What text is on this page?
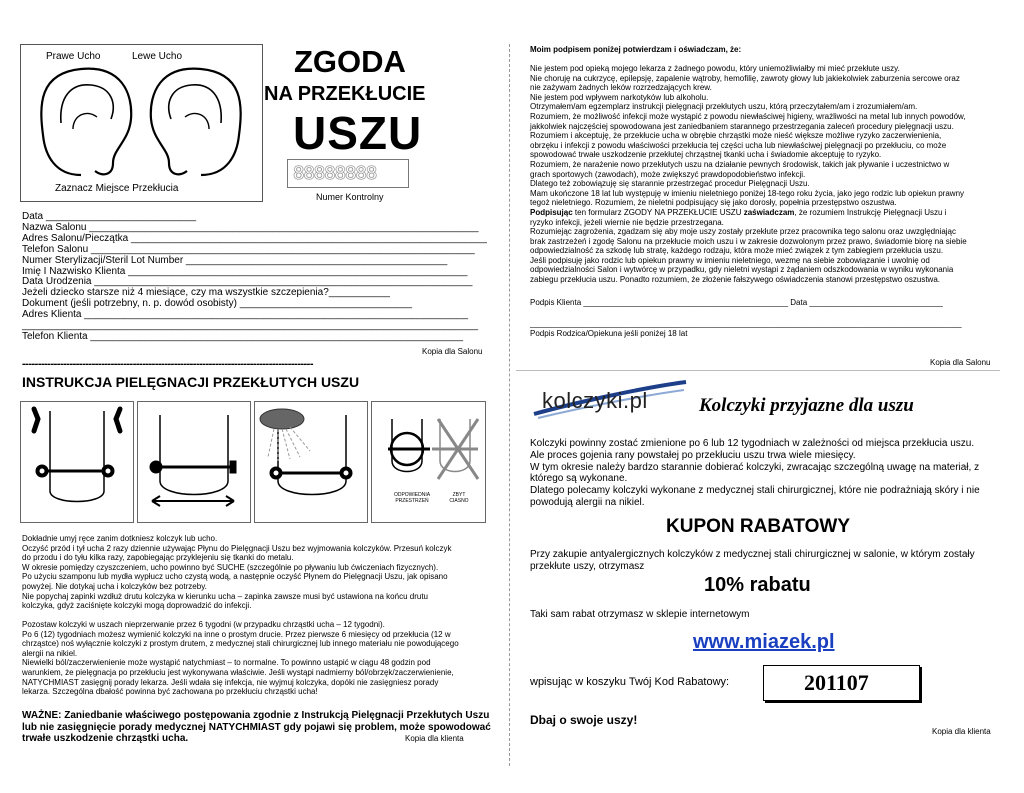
Prawe Ucho	Lewe Ucho
Zaznacz Miejsce Przekłucia
ZGODA
NA PRZEKŁUCIE
USZU
88888888
Numer Kontrolny
Data ___________________________
Nazwa Salonu ______________________________________________________________________
Adres Salonu/Pieczątka ________________________________________________________________
Telefon Salonu _____________________________________________________________________
Numer Sterylizacji/Steril Lot Number _______________________________________________
Imię I Nazwisko Klienta _____________________________________________________________
Data Urodzenia ____________________________________________________________________
Jeżeli dziecko starsze niż 4 miesiące, czy ma wszystkie szczepienia?___________
Dokument (jeśli potrzebny, n. p. dowód osobisty) _______________________________
Adres Klienta _____________________________________________________________________
__________________________________________________________________________________
Telefon Klienta ___________________________________________________________________
Kopia dla Salonu
--------------------------------------------------------------------------------------------
INSTRUKCJA PIELĘGNACJI PRZEKŁUTYCH USZU
ODPOWIEDNIA PRZESTRZEŃ
ZBYT CIASNO
Dokładnie umyj ręce zanim dotkniesz kolczyk lub ucho.
Oczyść przód i tył ucha 2 razy dziennie używając Płynu do Pielęgnacji Uszu bez wyjmowania kolczyków. Przesuń kolczyk
do przodu i do tyłu kilka razy, zapobiegając przyklejeniu się tkanki do metalu.
W okresie pomiędzy czyszczeniem, ucho powinno być SUCHE (szczególnie po pływaniu lub ćwiczeniach fizycznych).
Po użyciu szamponu lub mydła wypłucz ucho czystą wodą, a następnie oczyść Płynem do Pielęgnacji Uszu, jak opisano
powyżej. Nie dotykaj ucha i kolczyków bez potrzeby.
Nie popychaj zapinki wzdłuż drutu kolczyka w kierunku ucha – zapinka zawsze musi być ustawiona na końcu drutu
kolczyka, gdyż zaciśnięte kolczyki mogą doprowadzić do infekcji.
Pozostaw kolczyki w uszach nieprzerwanie przez 6 tygodni (w przypadku chrząstki ucha – 12 tygodni).
Po 6 (12) tygodniach możesz wymienić kolczyki na inne o prostym drucie. Przez pierwsze 6 miesięcy od przekłucia (12 w
chrząstce) noś wyłącznie kolczyki z prostym drutem, z medycznej stali chirurgicznej lub innego materiału nie powodującego
alergii na nikiel.
Niewielki ból/zaczerwienienie może wystąpić natychmiast – to normalne. To powinno ustąpić w ciągu 48 godzin pod
warunkiem, że pielęgnacja po przekłuciu jest wykonywana właściwie. Jeśli wystąpi nadmierny ból/obrzęk/zaczerwienienie,
NATYCHMIAST zasięgnij porady lekarza. Jeśli wdała się infekcja, nie wyjmuj kolczyka, dopóki nie zasięgniesz porady
lekarza. Szczególna dbałość powinna być zachowana po przekłuciu chrząstki ucha!
WAŻNE: Zaniedbanie właściwego postępowania zgodnie z Instrukcją Pielęgnacji Przekłutych Uszu
lub nie zasięgnięcie porady medycznej NATYCHMIAST gdy pojawi się problem, może spowodować
trwałe uszkodzenie chrząstki ucha.	Kopia dla klienta
Moim podpisem poniżej potwierdzam i oświadczam, że:
Nie jestem pod opieką mojego lekarza z żadnego powodu, który uniemożliwiałby mi mieć przekłute uszy.
Nie choruję na cukrzycę, epilepsję, zapalenie wątroby, hemofilię, zawroty głowy lub jakiekolwiek zaburzenia sercowe oraz
nie zażywam żadnych leków rozrzedzających krew.
Nie jestem pod wpływem narkotyków lub alkoholu.
Otrzymałem/am egzemplarz instrukcji pielęgnacji przekłutych uszu, którą przeczytałem/am i zrozumiałem/am.
Rozumiem, że możliwość infekcji może wystąpić z powodu niewłaściwej higieny, wrażliwości na metal lub innych powodów,
jakkolwiek najczęściej spowodowana jest zaniedbaniem starannego przestrzegania zaleceń procedury pielęgnacji uszu.
Rozumiem i akceptuję, że przekłucie ucha w obrębie chrząstki może nieść większe możliwe ryzyko zaczerwienienia,
obrzęku i infekcji z powodu właściwości przekłucia tej części ucha lub niewłaściwej pielęgnacji po przekłuciu, co może
spowodować trwałe uszkodzenie przekłutej chrząstnej tkanki ucha i świadomie akceptuję to ryzyko.
Rozumiem, że narażenie nowo przekłutych uszu na działanie pewnych środowisk, takich jak pływanie i uczestnictwo w
grach sportowych (zawodach), może zwiększyć prawdopodobieństwo infekcji.
Dlatego też zobowiązuję się starannie przestrzegać procedur Pielęgnacji Uszu.
Mam ukończone 18 lat lub występuję w imieniu nieletniego poniżej 18-tego roku życia, jako jego rodzic lub opiekun prawny
tegoż nieletniego. Rozumiem, że nieletni podpisujący się jako dorosły, popełnia przestępstwo oszustwa.
Podpisując ten formularz ZGODY NA PRZEKŁUCIE USZU zaświadczam, że rozumiem Instrukcję Pielęgnacji Uszu i
ryzyko infekcji, jeżeli wiernie nie będzie przestrzegana.
Rozumiejąc zagrożenia, zgadzam się aby moje uszy zostały przekłute przez pracownika tego salonu oraz uwzględniając
brak zastrzeżeń i zgodę Salonu na przekłucie moich uszu i w zakresie dozwolonym przez prawo, świadomie biorę na siebie
odpowiedzialność za szkodę lub stratę, każdego rodzaju, która może mieć związek z tym zabiegiem przekłucia uszu.
Jeśli podpisuję jako rodzic lub opiekun prawny w imieniu nieletniego, wezmę na siebie zobowiązanie i uwolnię od
odpowiedzialności Salon i wytwórcę w przypadku, gdy nieletni wystąpi z żądaniem odszkodowania w wyniku wykonania
zabiegu przekłucia uszu. Ponadto rozumiem, że złożenie fałszywego oświadczenia stanowi przestępstwo oszustwa.
Podpis Klienta ______________________________________________ Data ______________________________
_________________________________________________________________________________________________
Podpis Rodzica/Opiekuna jeśli poniżej 18 lat
Kopia dla Salonu
kolczyki.pl	Kolczyki przyjazne dla uszu
Kolczyki powinny zostać zmienione po 6 lub 12 tygodniach w zależności od miejsca przekłucia uszu.
Ale proces gojenia rany powstałej po przekłuciu uszu trwa wiele miesięcy.
W tym okresie należy bardzo starannie dobierać kolczyki, zwracając szczególną uwagę na materiał, z
którego są wykonane.
Dlatego polecamy kolczyki wykonane z medycznej stali chirurgicznej, które nie podrażniają skóry i nie
powodują alergii na nikiel.
KUPON RABATOWY
Przy zakupie antyalergicznych kolczyków z medycznej stali chirurgicznej w salonie, w którym zostały
przekłute uszy, otrzymasz
10% rabatu
Taki sam rabat otrzymasz w sklepie internetowym
www.miazek.pl
wpisując w koszyku Twój Kod Rabatowy:	201107
Dbaj o swoje uszy!
Kopia dla klienta
